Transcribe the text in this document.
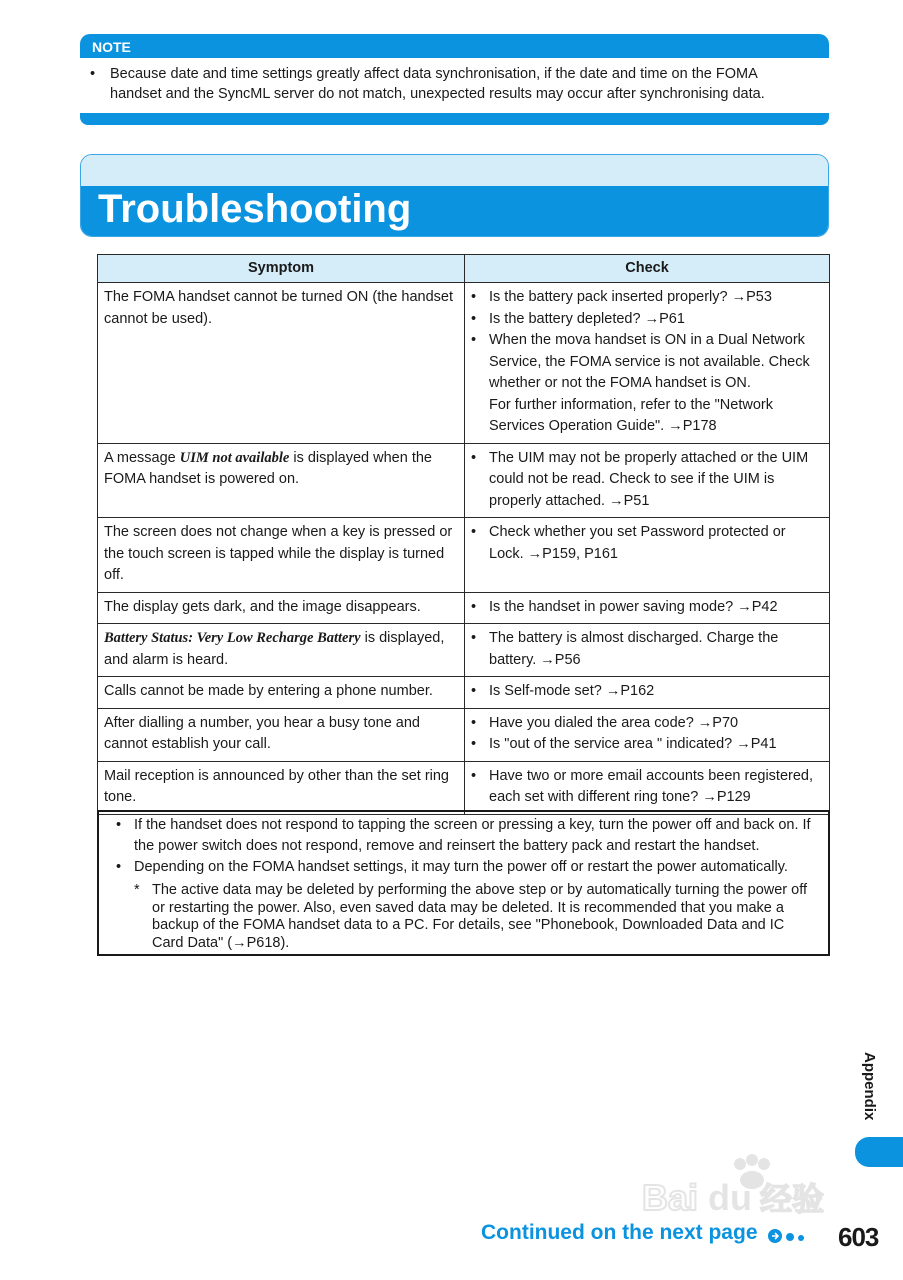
NOTE
• Because date and time settings greatly affect data synchronisation, if the date and time on the FOMA handset and the SyncML server do not match, unexpected results may occur after synchronising data.
Troubleshooting
Symptom	Check
The FOMA handset cannot be turned ON (the handset cannot be used).	• Is the battery pack inserted properly? →P53
• Is the battery depleted? →P61
• When the mova handset is ON in a Dual Network Service, the FOMA service is not available. Check whether or not the FOMA handset is ON.
For further information, refer to the "Network Services Operation Guide". →P178

A message UIM not available is displayed when the FOMA handset is powered on.	• The UIM may not be properly attached or the UIM could not be read. Check to see if the UIM is properly attached. →P51

The screen does not change when a key is pressed or the touch screen is tapped while the display is turned off.	• Check whether you set Password protected or Lock. →P159, P161

The display gets dark, and the image disappears.	• Is the handset in power saving mode? →P42

Battery Status: Very Low Recharge Battery is displayed, and alarm is heard.	• The battery is almost discharged. Charge the battery. →P56

Calls cannot be made by entering a phone number.	• Is Self-mode set? →P162

After dialling a number, you hear a busy tone and cannot establish your call.	• Have you dialed the area code? →P70
• Is "out of the service area " indicated? →P41

Mail reception is announced by other than the set ring tone.	• Have two or more email accounts been registered, each set with different ring tone? →P129
• If the handset does not respond to tapping the screen or pressing a key, turn the power off and back on. If the power switch does not respond, remove and reinsert the battery pack and restart the handset.
• Depending on the FOMA handset settings, it may turn the power off or restart the power automatically.
* The active data may be deleted by performing the above step or by automatically turning the power off or restarting the power. Also, even saved data may be deleted. It is recommended that you make a backup of the FOMA handset data to a PC. For details, see "Phonebook, Downloaded Data and IC Card Data" (→P618).
Appendix
Bai du 经验
Continued on the next page	603
